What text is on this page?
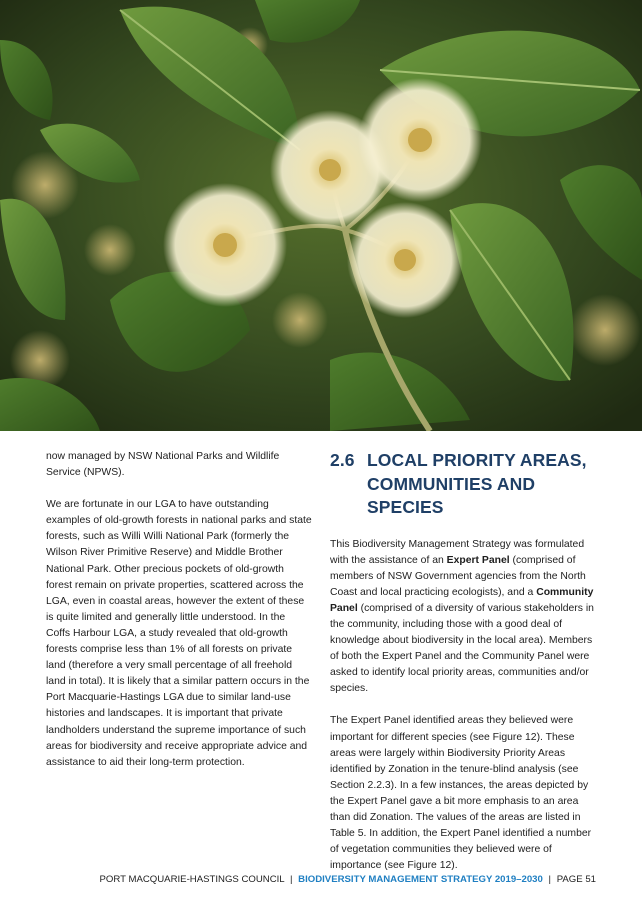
now managed by NSW National Parks and Wildlife Service (NPWS).

We are fortunate in our LGA to have outstanding examples of old-growth forests in national parks and state forests, such as Willi Willi National Park (formerly the Wilson River Primitive Reserve) and Middle Brother National Park. Other precious pockets of old-growth forest remain on private properties, scattered across the LGA, even in coastal areas, however the extent of these is quite limited and generally little understood. In the Coffs Harbour LGA, a study revealed that old-growth forests comprise less than 1% of all forests on private land (therefore a very small percentage of all freehold land in total). It is likely that a similar pattern occurs in the Port Macquarie-Hastings LGA due to similar land-use histories and landscapes. It is important that private landholders understand the supreme importance of such areas for biodiversity and receive appropriate advice and assistance to aid their long-term protection.

2.6 LOCAL PRIORITY AREAS, COMMUNITIES AND SPECIES

This Biodiversity Management Strategy was formulated with the assistance of an Expert Panel (comprised of members of NSW Government agencies from the North Coast and local practicing ecologists), and a Community Panel (comprised of a diversity of various stakeholders in the community, including those with a good deal of knowledge about biodiversity in the local area). Members of both the Expert Panel and the Community Panel were asked to identify local priority areas, communities and/or species.

The Expert Panel identified areas they believed were important for different species (see Figure 12). These areas were largely within Biodiversity Priority Areas identified by Zonation in the tenure-blind analysis (see Section 2.2.3). In a few instances, the areas depicted by the Expert Panel gave a bit more emphasis to an area than did Zonation. The values of the areas are listed in Table 5. In addition, the Expert Panel identified a number of vegetation communities they believed were of importance (see Figure 12).

PORT MACQUARIE-HASTINGS COUNCIL | BIODIVERSITY MANAGEMENT STRATEGY 2019–2030 | PAGE 51
